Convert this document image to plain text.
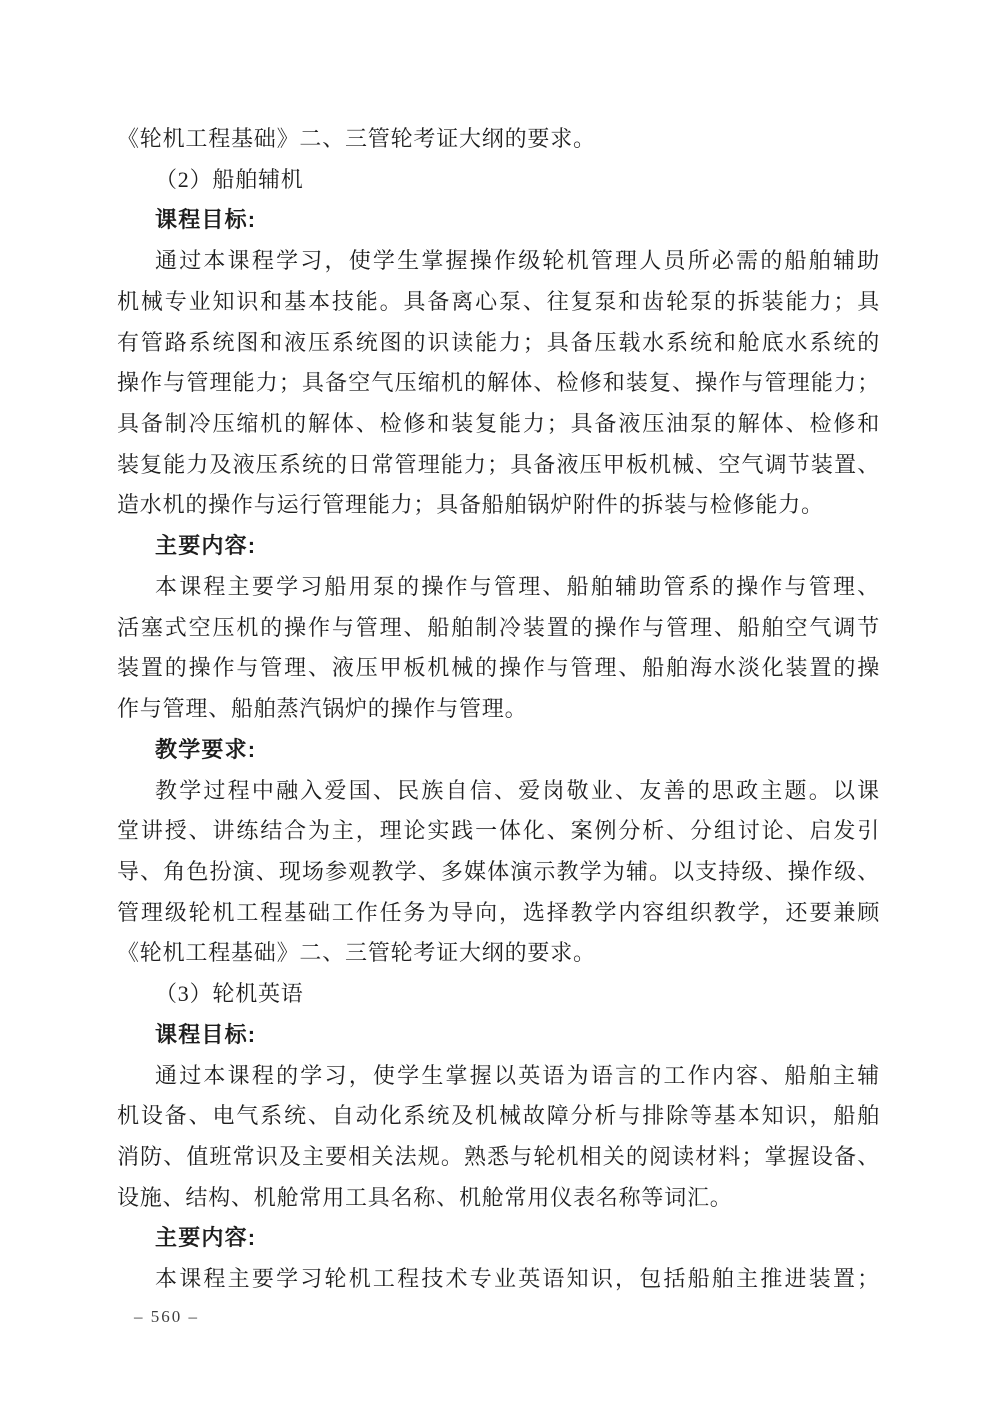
《轮机工程基础》二、三管轮考证大纲的要求。
（2）船舶辅机
课程目标:
通过本课程学习，使学生掌握操作级轮机管理人员所必需的船舶辅助
机械专业知识和基本技能。具备离心泵、往复泵和齿轮泵的拆装能力；具
有管路系统图和液压系统图的识读能力；具备压载水系统和舱底水系统的
操作与管理能力；具备空气压缩机的解体、检修和装复、操作与管理能力；
具备制冷压缩机的解体、检修和装复能力；具备液压油泵的解体、检修和
装复能力及液压系统的日常管理能力；具备液压甲板机械、空气调节装置、
造水机的操作与运行管理能力；具备船舶锅炉附件的拆装与检修能力。
主要内容:
本课程主要学习船用泵的操作与管理、船舶辅助管系的操作与管理、
活塞式空压机的操作与管理、船舶制冷装置的操作与管理、船舶空气调节
装置的操作与管理、液压甲板机械的操作与管理、船舶海水淡化装置的操
作与管理、船舶蒸汽锅炉的操作与管理。
教学要求:
教学过程中融入爱国、民族自信、爱岗敬业、友善的思政主题。以课
堂讲授、讲练结合为主，理论实践一体化、案例分析、分组讨论、启发引
导、角色扮演、现场参观教学、多媒体演示教学为辅。以支持级、操作级、
管理级轮机工程基础工作任务为导向，选择教学内容组织教学，还要兼顾
《轮机工程基础》二、三管轮考证大纲的要求。
（3）轮机英语
课程目标:
通过本课程的学习，使学生掌握以英语为语言的工作内容、船舶主辅
机设备、电气系统、自动化系统及机械故障分析与排除等基本知识，船舶
消防、值班常识及主要相关法规。熟悉与轮机相关的阅读材料；掌握设备、
设施、结构、机舱常用工具名称、机舱常用仪表名称等词汇。
主要内容:
本课程主要学习轮机工程技术专业英语知识，包括船舶主推进装置；
– 560 –
